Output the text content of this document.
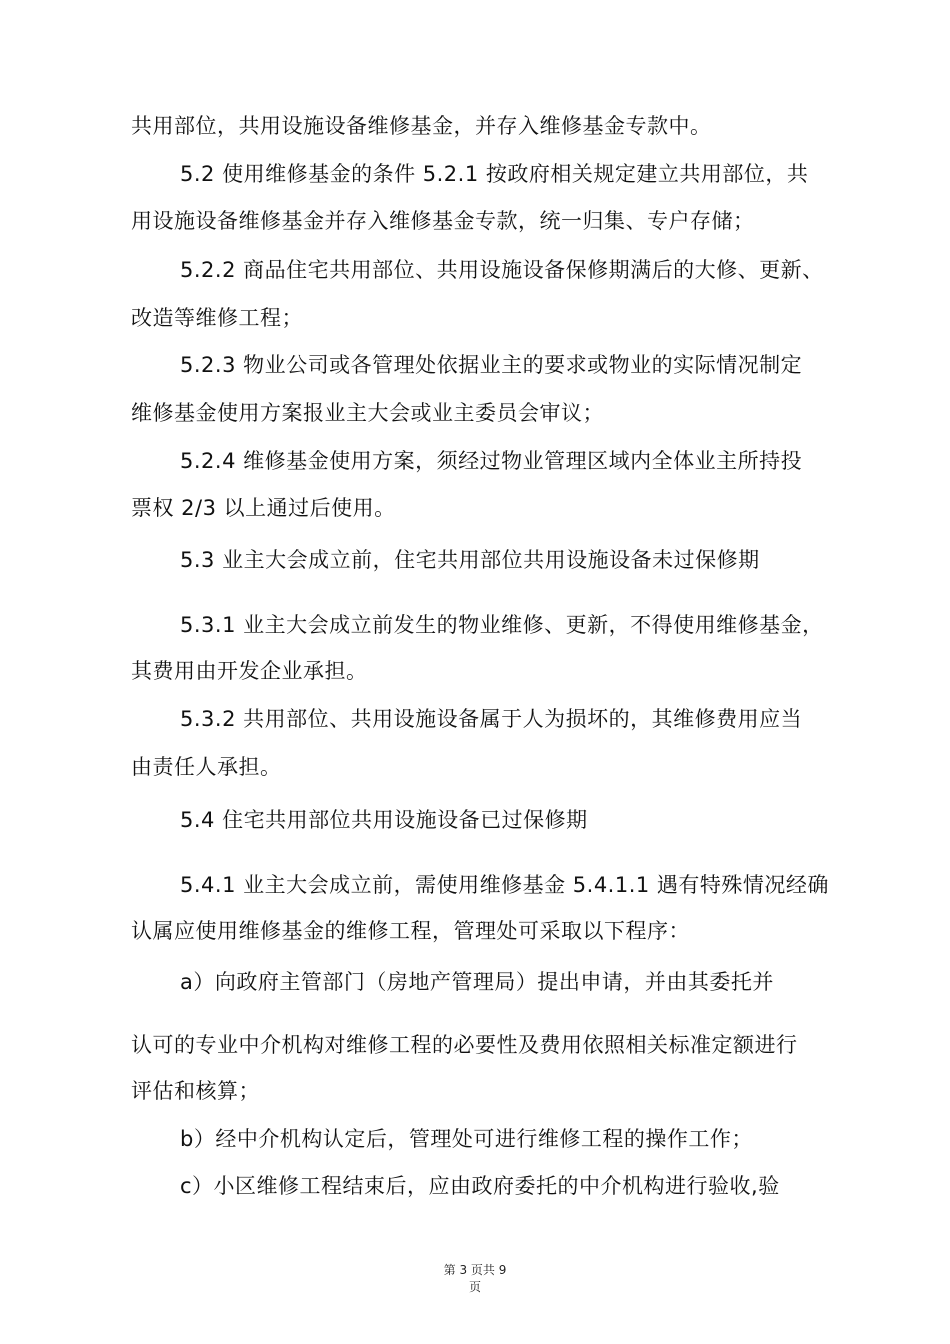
共用部位，共用设施设备维修基金，并存入维修基金专款中。
5.2 使用维修基金的条件 5.2.1 按政府相关规定建立共用部位，共
用设施设备维修基金并存入维修基金专款，统一归集、专户存储；
5.2.2 商品住宅共用部位、共用设施设备保修期满后的大修、更新、
改造等维修工程；
5.2.3 物业公司或各管理处依据业主的要求或物业的实际情况制定
维修基金使用方案报业主大会或业主委员会审议；
5.2.4 维修基金使用方案，须经过物业管理区域内全体业主所持投
票权 2/3 以上通过后使用。
5.3 业主大会成立前，住宅共用部位共用设施设备未过保修期
5.3.1 业主大会成立前发生的物业维修、更新，不得使用维修基金，
其费用由开发企业承担。
5.3.2 共用部位、共用设施设备属于人为损坏的，其维修费用应当
由责任人承担。
5.4 住宅共用部位共用设施设备已过保修期
5.4.1 业主大会成立前，需使用维修基金 5.4.1.1 遇有特殊情况经确
认属应使用维修基金的维修工程，管理处可采取以下程序：
a）向政府主管部门（房地产管理局）提出申请，并由其委托并
认可的专业中介机构对维修工程的必要性及费用依照相关标准定额进行
评估和核算；
b）经中介机构认定后，管理处可进行维修工程的操作工作；
c）小区维修工程结束后，应由政府委托的中介机构进行验收,验
第 3 页共 9
页
